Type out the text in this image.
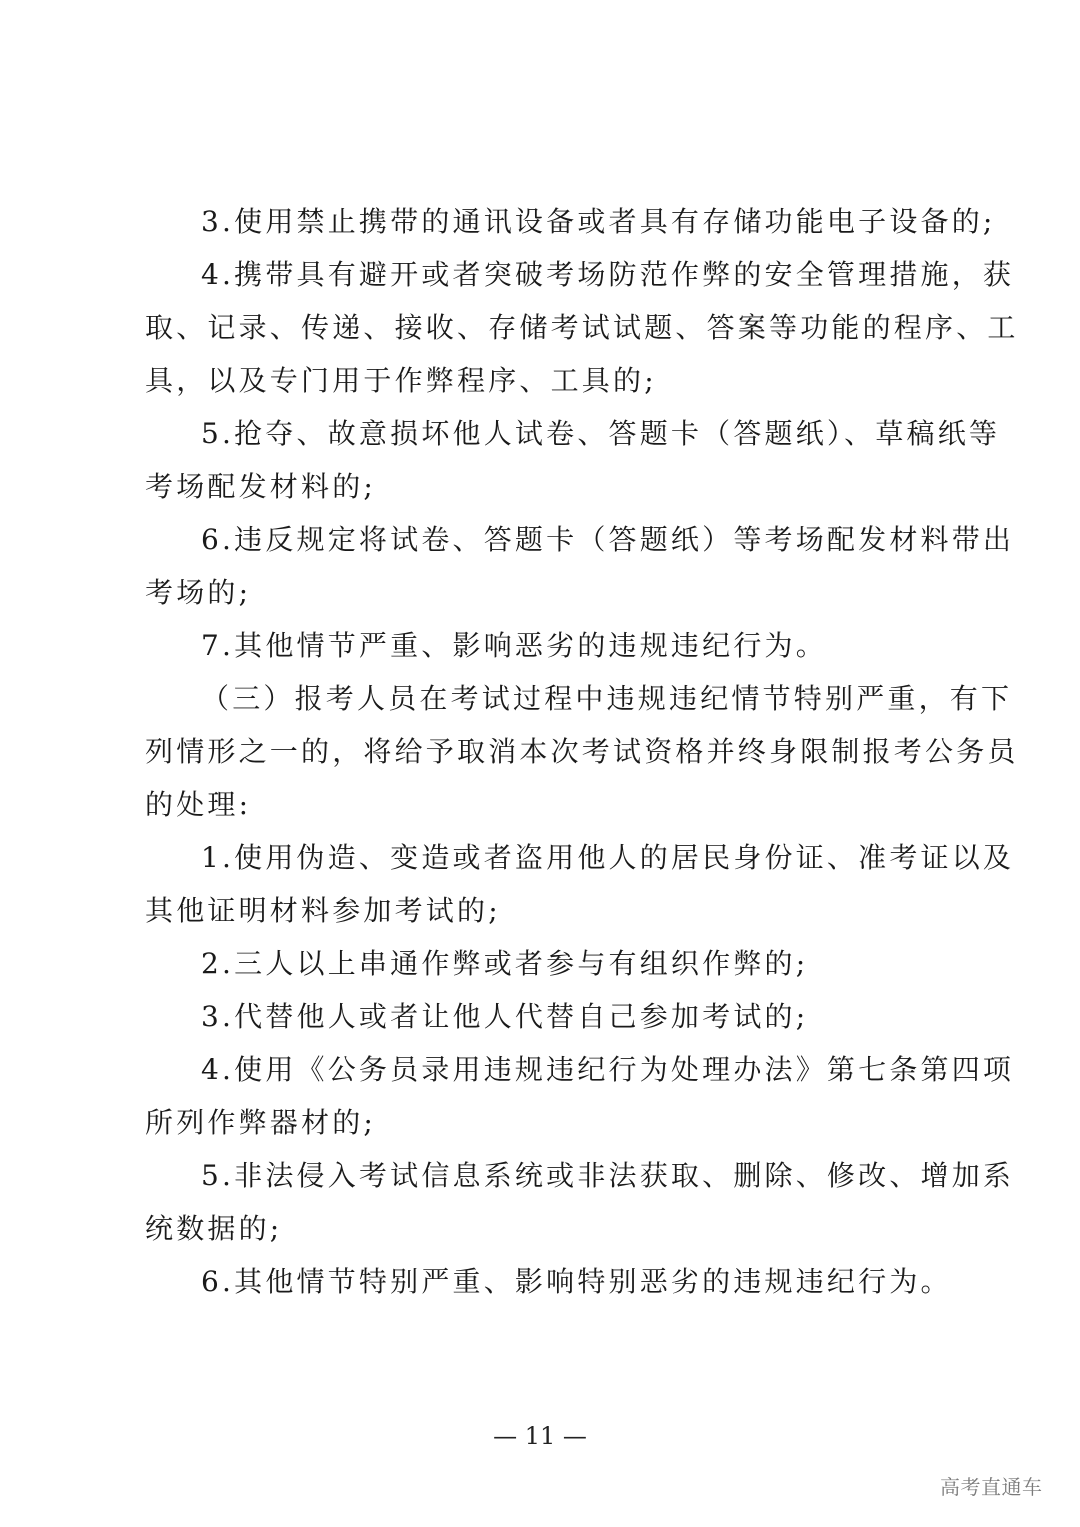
3.使用禁止携带的通讯设备或者具有存储功能电子设备的;
4.携带具有避开或者突破考场防范作弊的安全管理措施，获
取、记录、传递、接收、存储考试试题、答案等功能的程序、工
具，以及专门用于作弊程序、工具的;
5.抢夺、故意损坏他人试卷、答题卡（答题纸）、草稿纸等
考场配发材料的;
6.违反规定将试卷、答题卡（答题纸）等考场配发材料带出
考场的;
7.其他情节严重、影响恶劣的违规违纪行为。
（三）报考人员在考试过程中违规违纪情节特别严重，有下
列情形之一的，将给予取消本次考试资格并终身限制报考公务员
的处理:
1.使用伪造、变造或者盗用他人的居民身份证、准考证以及
其他证明材料参加考试的;
2.三人以上串通作弊或者参与有组织作弊的;
3.代替他人或者让他人代替自己参加考试的;
4.使用《公务员录用违规违纪行为处理办法》第七条第四项
所列作弊器材的;
5.非法侵入考试信息系统或非法获取、删除、修改、增加系
统数据的;
6.其他情节特别严重、影响特别恶劣的违规违纪行为。
— 11 —
高考直通车
